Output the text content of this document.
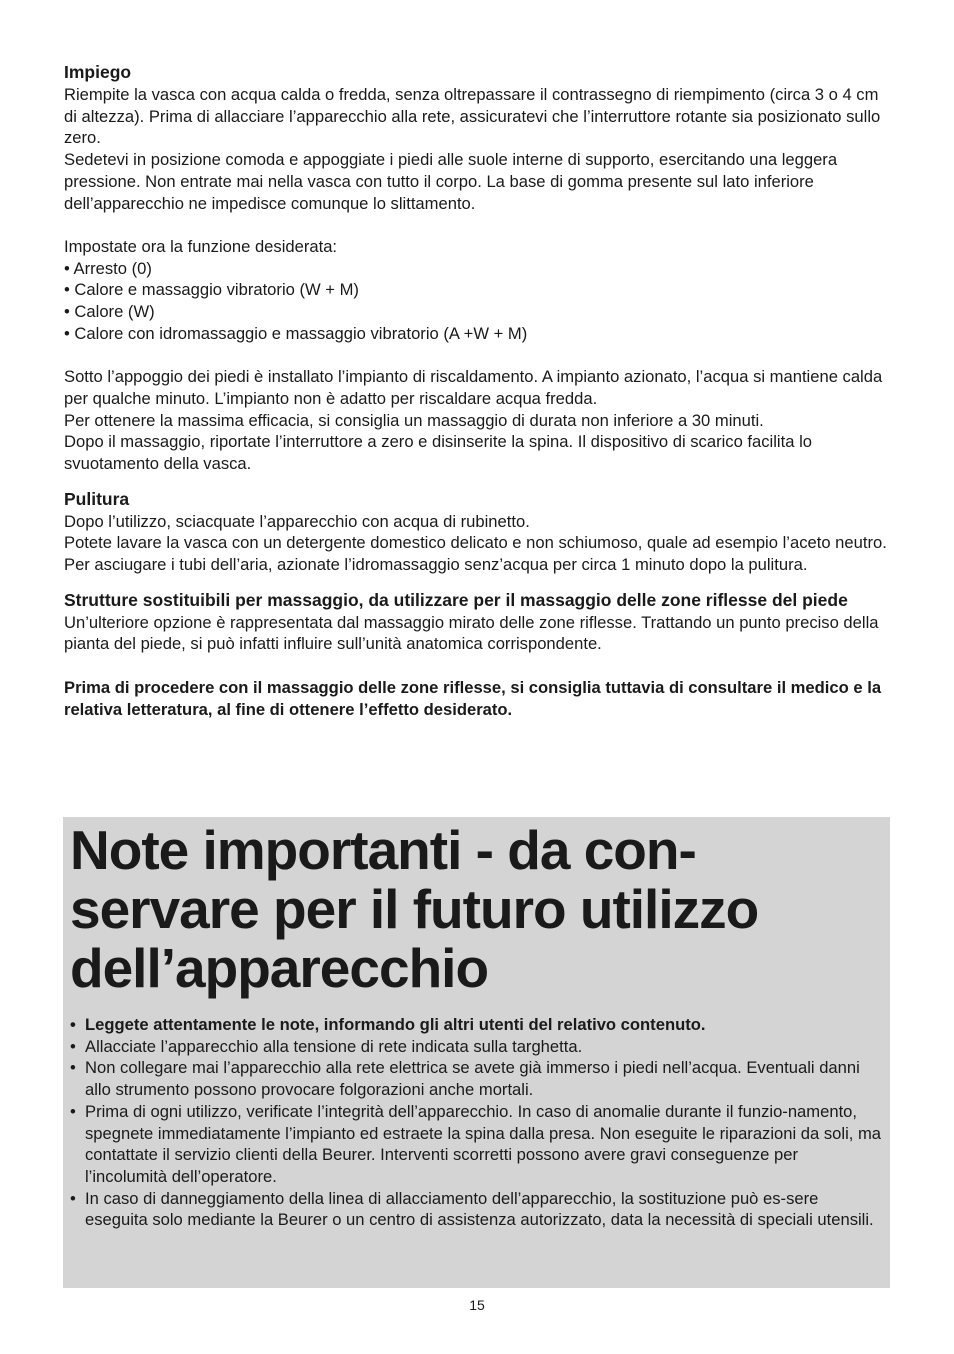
Impiego

Riempite la vasca con acqua calda o fredda, senza oltrepassare il contrassegno di riempimento (circa 3 o 4 cm di altezza). Prima di allacciare l’apparecchio alla rete, assicuratevi che l’interruttore rotante sia posizionato sullo zero.

Sedetevi in posizione comoda e appoggiate i piedi alle suole interne di supporto, esercitando una leggera pressione. Non entrate mai nella vasca con tutto il corpo. La base di gomma presente sul lato inferiore dell’apparecchio ne impedisce comunque lo slittamento.

Impostate ora la funzione desiderata:

• Arresto (0)

• Calore e massaggio vibratorio (W + M)

• Calore (W)

• Calore con idromassaggio e massaggio vibratorio (A +W + M)

Sotto l’appoggio dei piedi è installato l’impianto di riscaldamento. A impianto azionato, l’acqua si mantiene calda per qualche minuto. L’impianto non è adatto per riscaldare acqua fredda.

Per ottenere la massima efficacia, si consiglia un massaggio di durata non inferiore a 30 minuti.

Dopo il massaggio, riportate l’interruttore a zero e disinserite la spina. Il dispositivo di scarico facilita lo svuotamento della vasca.

Pulitura

Dopo l’utilizzo, sciacquate l’apparecchio con acqua di rubinetto.

Potete lavare la vasca con un detergente domestico delicato e non schiumoso, quale ad esempio l’aceto neutro.

Per asciugare i tubi dell’aria, azionate l’idromassaggio senz’acqua per circa 1 minuto dopo la pulitura.

Strutture sostituibili per massaggio, da utilizzare per il massaggio delle zone riflesse del piede

Un’ulteriore opzione è rappresentata dal massaggio mirato delle zone riflesse. Trattando un punto preciso della pianta del piede, si può infatti influire sull’unità anatomica corrispondente.

Prima di procedere con il massaggio delle zone riflesse, si consiglia tuttavia di consultare il medico e la relativa letteratura, al fine di ottenere l’effetto desiderato.

Note importanti - da con-
servare per il futuro utilizzo
dell’apparecchio
• Leggete attentamente le note, informando gli altri utenti del relativo contenuto.
• Allacciate l’apparecchio alla tensione di rete indicata sulla targhetta.
• Non collegare mai l’apparecchio alla rete elettrica se avete già immerso i piedi nell’acqua. Eventuali danni allo strumento possono provocare folgorazioni anche mortali.
• Prima di ogni utilizzo, verificate l’integrità dell’apparecchio. In caso di anomalie durante il funzio-namento, spegnete immediatamente l’impianto ed estraete la spina dalla presa. Non eseguite le riparazioni da soli, ma contattate il servizio clienti della Beurer. Interventi scorretti possono avere gravi conseguenze per l’incolumità dell’operatore.
• In caso di danneggiamento della linea di allacciamento dell’apparecchio, la sostituzione può es-sere eseguita solo mediante la Beurer o un centro di assistenza autorizzato, data la necessità di speciali utensili.
15
